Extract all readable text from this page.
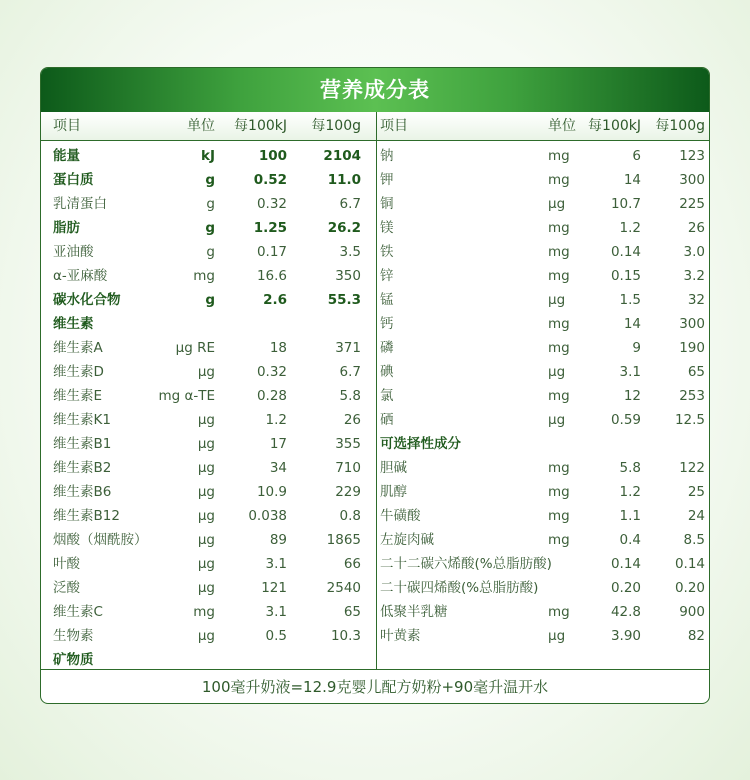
营养成分表
项目	单位 每100kJ 每100g 项目	单位 每100kJ 每100g
能量	kJ	100	2104
蛋白质	g	0.52	11.0
乳清蛋白	g	0.32	6.7
脂肪	g	1.25	26.2
亚油酸	g	0.17	3.5
α-亚麻酸	mg	16.6	350
碳水化合物	g	2.6	55.3
维生素
维生素A	μg RE	18	371
维生素D	μg	0.32	6.7
维生素E	mg α-TE	0.28	5.8
维生素K1	μg	1.2	26
维生素B1	μg	17	355
维生素B2	μg	34	710
维生素B6	μg	10.9	229
维生素B12	μg 0.038	0.8
烟酸（烟酰胺）	μg	89	1865
叶酸	μg	3.1	66
泛酸	μg	121	2540
维生素C	mg	3.1	65
生物素	μg	0.5	10.3
矿物质
钠	mg	6	123
钾	mg	14	300
铜	μg	10.7	225
镁	mg	1.2	26
铁	mg	0.14	3.0
锌	mg	0.15	3.2
锰	μg	1.5	32
钙	mg	14	300
磷	mg	9	190
碘	μg	3.1	65
氯	mg	12	253
硒	μg	0.59	12.5
可选择性成分
胆碱	mg	5.8	122
肌醇	mg	1.2	25
牛磺酸	mg	1.1	24
左旋肉碱	mg	0.4	8.5
二十二碳六烯酸(%总脂肪酸)	0.14	0.14
二十碳四烯酸(%总脂肪酸)	0.20	0.20
低聚半乳糖	mg	42.8	900
叶黄素	μg	3.90	82
100毫升奶液=12.9克婴儿配方奶粉+90毫升温开水
